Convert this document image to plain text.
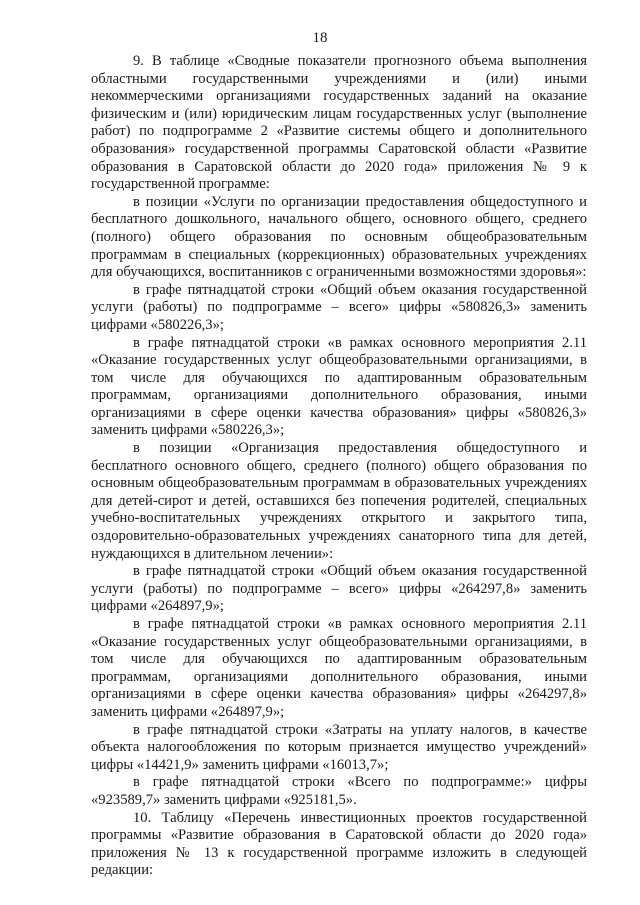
18

9. В таблице «Сводные показатели прогнозного объема выполнения областными государственными учреждениями и (или) иными некоммерческими организациями государственных заданий на оказание физическим и (или) юридическим лицам государственных услуг (выполнение работ) по подпрограмме 2 «Развитие системы общего и дополнительного образования» государственной программы Саратовской области «Развитие образования в Саратовской области до 2020 года» приложения № 9 к государственной программе:

в позиции «Услуги по организации предоставления общедоступного и бесплатного дошкольного, начального общего, основного общего, среднего (полного) общего образования по основным общеобразовательным программам в специальных (коррекционных) образовательных учреждениях для обучающихся, воспитанников с ограниченными возможностями здоровья»:

в графе пятнадцатой строки «Общий объем оказания государственной услуги (работы) по подпрограмме – всего» цифры «580826,3» заменить цифрами «580226,3»;

в графе пятнадцатой строки «в рамках основного мероприятия 2.11 «Оказание государственных услуг общеобразовательными организациями, в том числе для обучающихся по адаптированным образовательным программам, организациями дополнительного образования, иными организациями в сфере оценки качества образования» цифры «580826,3» заменить цифрами «580226,3»;

в позиции «Организация предоставления общедоступного и бесплатного основного общего, среднего (полного) общего образования по основным общеобразовательным программам в образовательных учреждениях для детей-сирот и детей, оставшихся без попечения родителей, специальных учебно-воспитательных учреждениях открытого и закрытого типа, оздоровительно-образовательных учреждениях санаторного типа для детей, нуждающихся в длительном лечении»:

в графе пятнадцатой строки «Общий объем оказания государственной услуги (работы) по подпрограмме – всего» цифры «264297,8» заменить цифрами «264897,9»;

в графе пятнадцатой строки «в рамках основного мероприятия 2.11 «Оказание государственных услуг общеобразовательными организациями, в том числе для обучающихся по адаптированным образовательным программам, организациями дополнительного образования, иными организациями в сфере оценки качества образования» цифры «264297,8» заменить цифрами «264897,9»;

в графе пятнадцатой строки «Затраты на уплату налогов, в качестве объекта налогообложения по которым признается имущество учреждений» цифры «14421,9» заменить цифрами «16013,7»;

в графе пятнадцатой строки «Всего по подпрограмме:» цифры «923589,7» заменить цифрами «925181,5».

10. Таблицу «Перечень инвестиционных проектов государственной программы «Развитие образования в Саратовской области до 2020 года» приложения № 13 к государственной программе изложить в следующей редакции:
